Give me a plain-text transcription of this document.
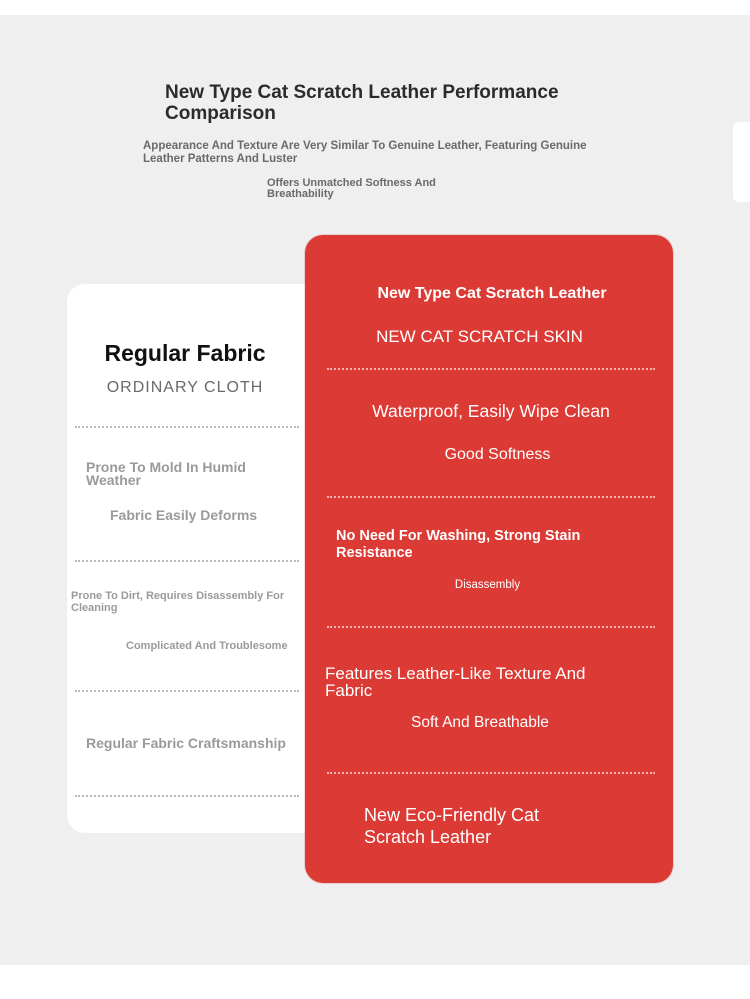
New Type Cat Scratch Leather Performance Comparison
Appearance And Texture Are Very Similar To Genuine Leather, Featuring Genuine Leather Patterns And Luster
Offers Unmatched Softness And Breathability
Regular Fabric
ORDINARY CLOTH
Prone To Mold In Humid Weather
Fabric Easily Deforms
Prone To Dirt, Requires Disassembly For Cleaning
Complicated And Troublesome
Regular Fabric Craftsmanship
New Type Cat Scratch Leather
NEW CAT SCRATCH SKIN
Waterproof, Easily Wipe Clean
Good Softness
No Need For Washing, Strong Stain Resistance
Disassembly
Features Leather-Like Texture And Fabric
Soft And Breathable
New Eco-Friendly Cat Scratch Leather
